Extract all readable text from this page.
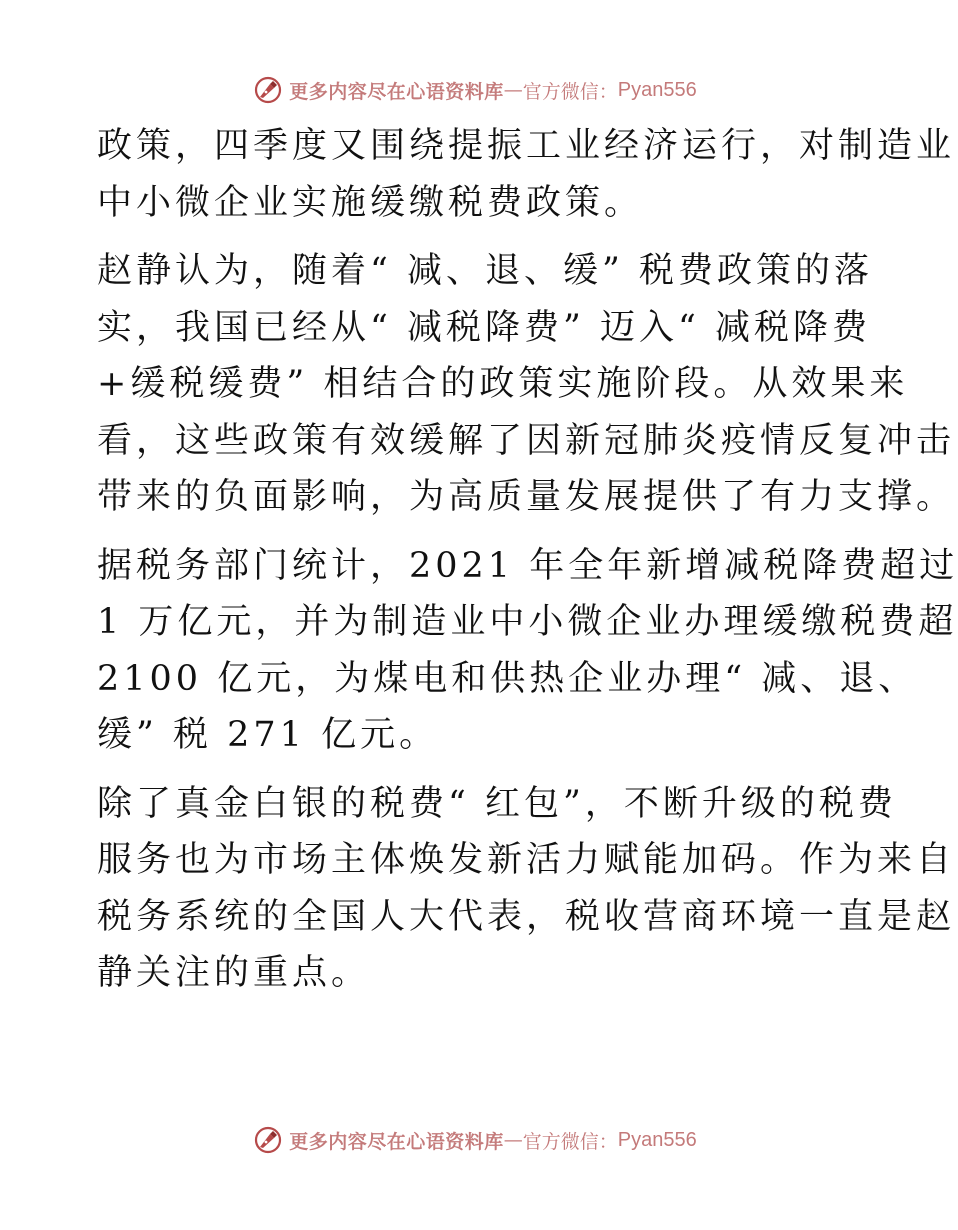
更多内容尽在心语资料库 — 官方微信： Pyan556
政策，四季度又围绕提振工业经济运行，对制造业
中小微企业实施缓缴税费政策。
赵静认为，随着“ 减、退、缓” 税费政策的落
实，我国已经从“ 减税降费” 迈入“ 减税降费
+缓税缓费” 相结合的政策实施阶段。从效果来
看，这些政策有效缓解了因新冠肺炎疫情反复冲击
带来的负面影响，为高质量发展提供了有力支撑。
据税务部门统计，2021 年全年新增减税降费超过
1 万亿元，并为制造业中小微企业办理缓缴税费超
2100 亿元，为煤电和供热企业办理“ 减、退、
缓” 税 271 亿元。
除了真金白银的税费“ 红包”，不断升级的税费
服务也为市场主体焕发新活力赋能加码。作为来自
税务系统的全国人大代表，税收营商环境一直是赵
静关注的重点。
更多内容尽在心语资料库 — 官方微信： Pyan556
